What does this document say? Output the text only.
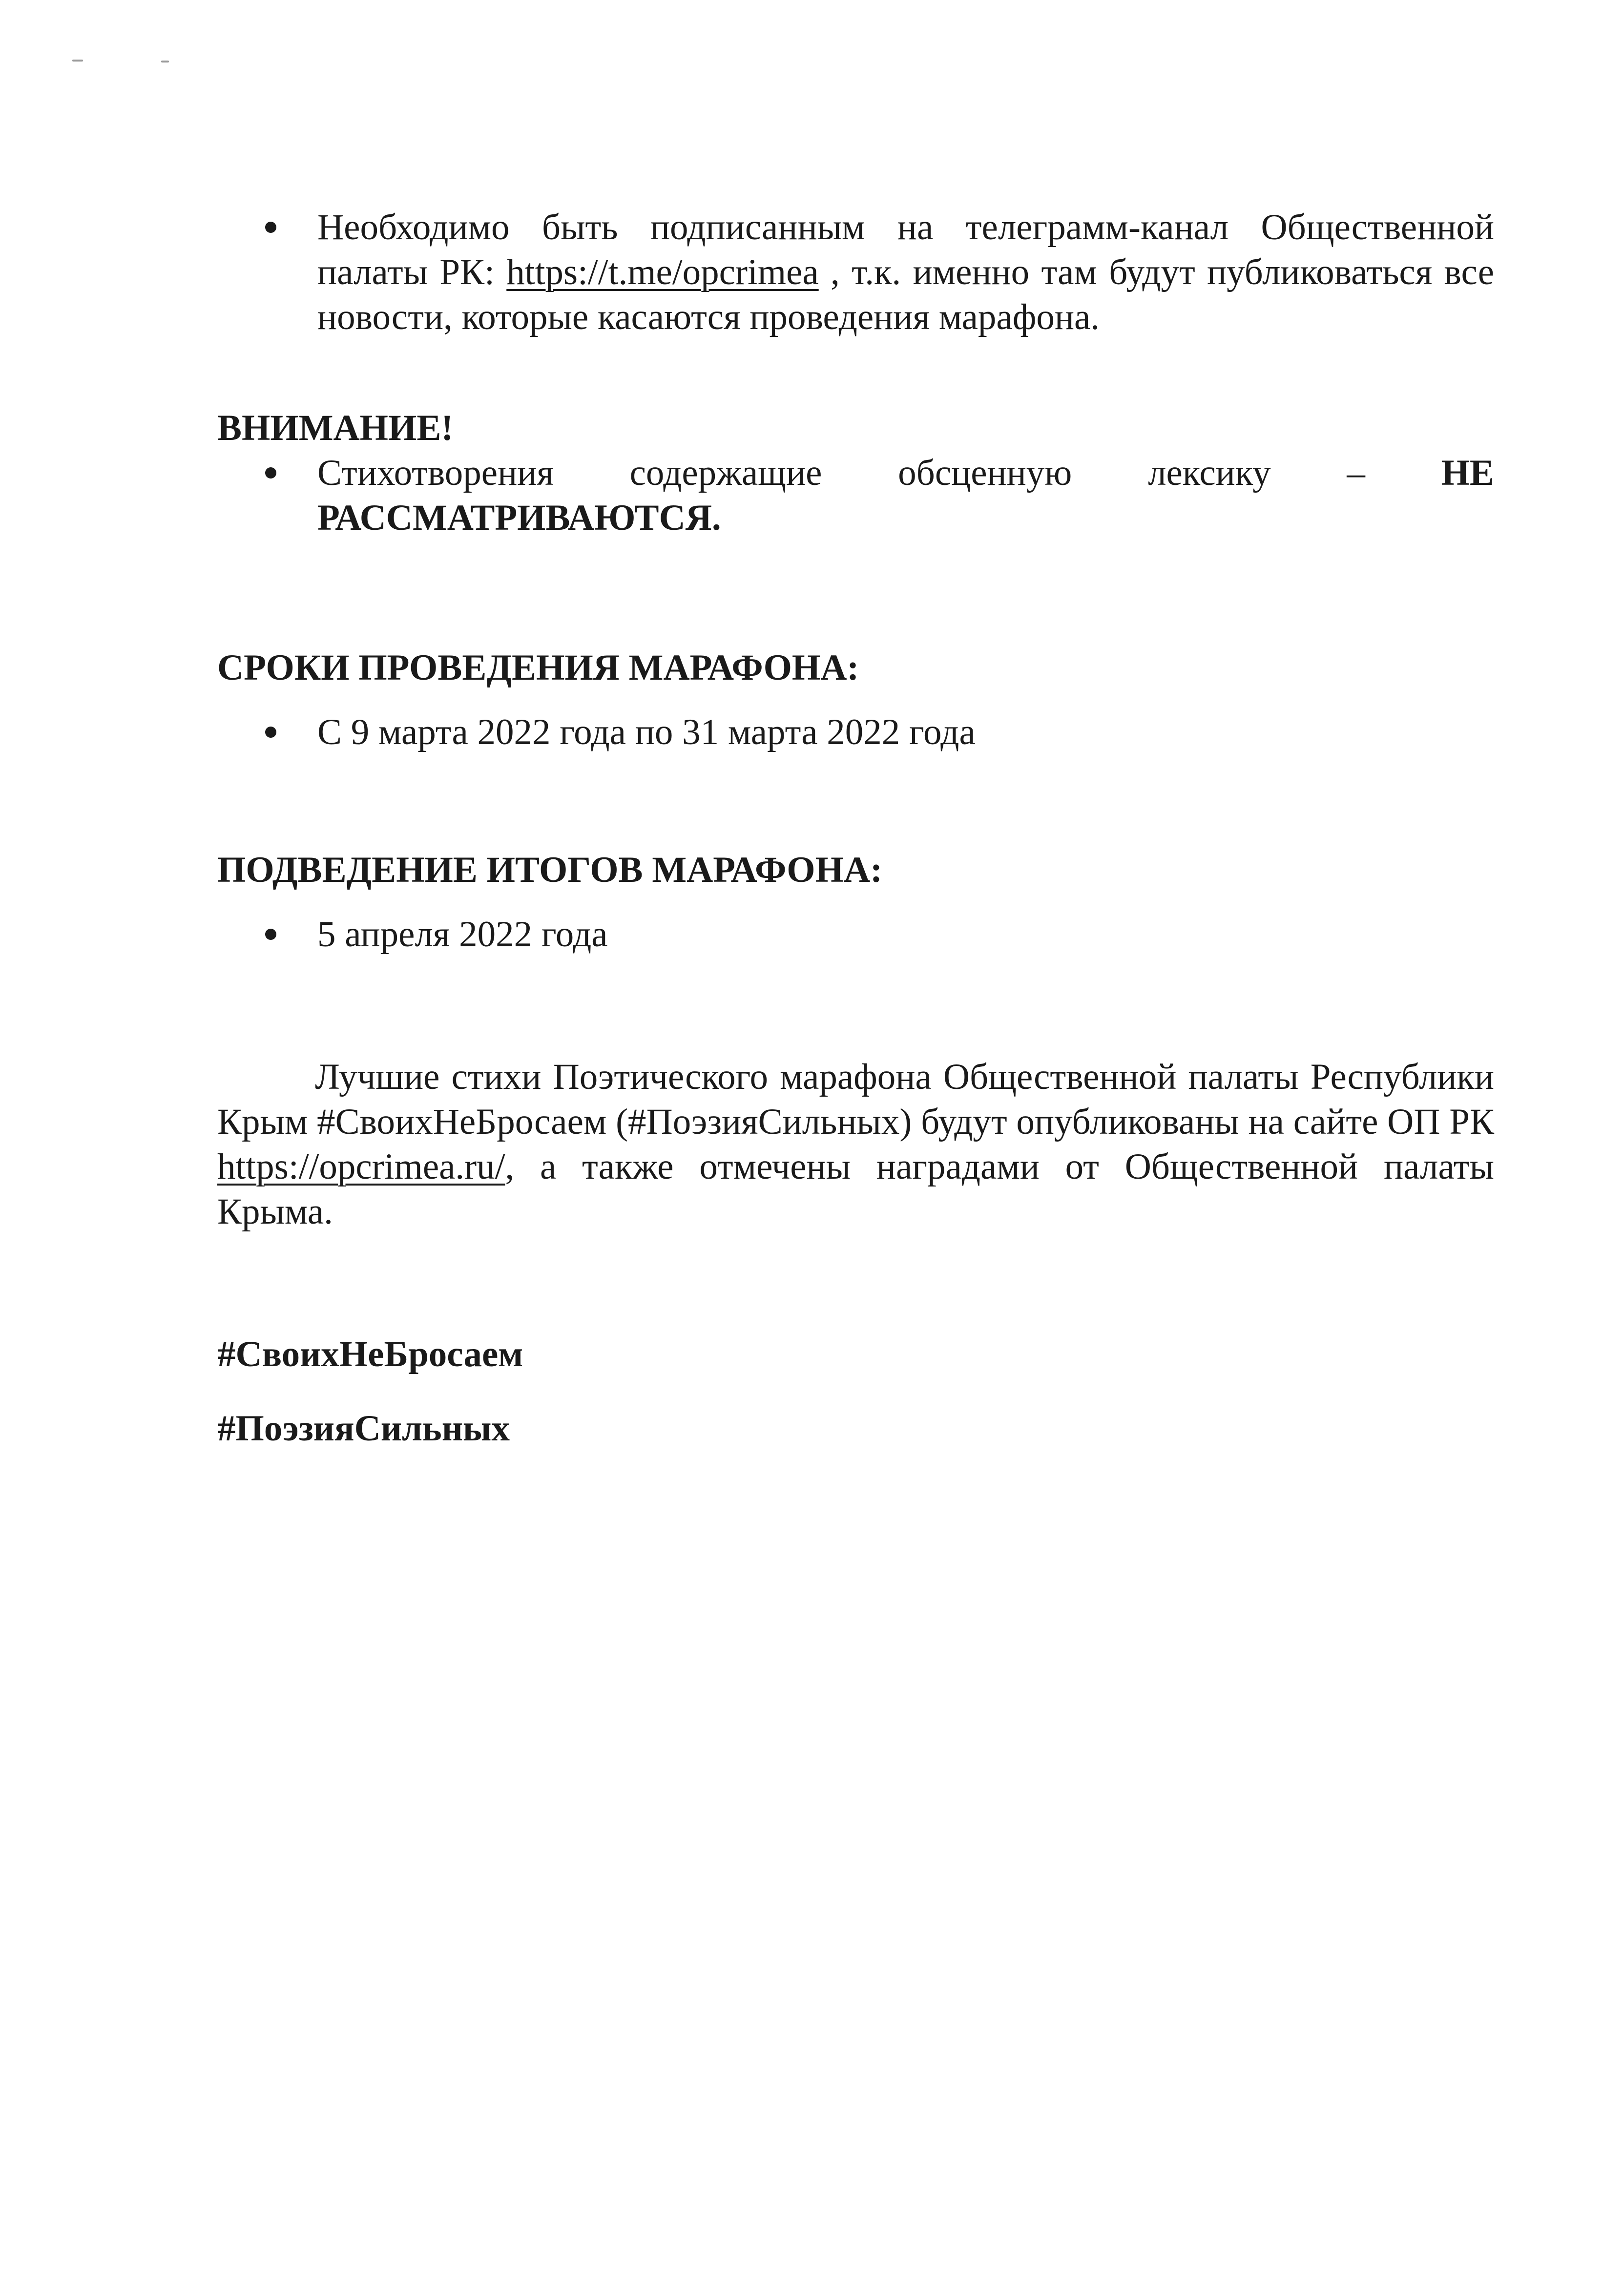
Необходимо быть подписанным на телеграмм-канал Общественной палаты РК: https://t.me/opcrimea , т.к. именно там будут публиковаться все новости, которые касаются проведения марафона.
ВНИМАНИЕ!
Стихотворения содержащие обсценную лексику – НЕ
РАССМАТРИВАЮТСЯ.
СРОКИ ПРОВЕДЕНИЯ МАРАФОНА:
С 9 марта 2022 года по 31 марта 2022 года
ПОДВЕДЕНИЕ ИТОГОВ МАРАФОНА:
5 апреля 2022 года
Лучшие стихи Поэтического марафона Общественной палаты Республики Крым #СвоихНеБросаем (#ПоэзияСильных) будут опубликованы на сайте ОП РК https://opcrimea.ru/, а также отмечены наградами от Общественной палаты Крыма.
#СвоихНеБросаем
#ПоэзияСильных
